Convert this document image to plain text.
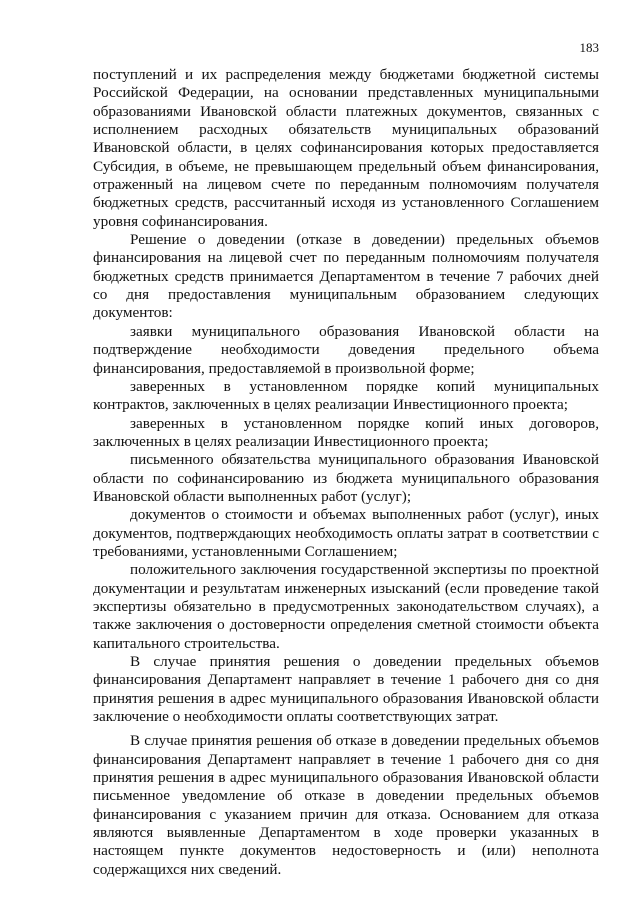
183

поступлений и их распределения между бюджетами бюджетной системы Российской Федерации, на основании представленных муниципальными образованиями Ивановской области платежных документов, связанных с исполнением расходных обязательств муниципальных образований Ивановской области, в целях софинансирования которых предоставляется Субсидия, в объеме, не превышающем предельный объем финансирования, отраженный на лицевом счете по переданным полномочиям получателя бюджетных средств, рассчитанный исходя из установленного Соглашением уровня софинансирования.

Решение о доведении (отказе в доведении) предельных объемов финансирования на лицевой счет по переданным полномочиям получателя бюджетных средств принимается Департаментом в течение 7 рабочих дней со дня предоставления муниципальным образованием следующих документов:

заявки муниципального образования Ивановской области на подтверждение необходимости доведения предельного объема финансирования, предоставляемой в произвольной форме;

заверенных в установленном порядке копий муниципальных контрактов, заключенных в целях реализации Инвестиционного проекта;

заверенных в установленном порядке копий иных договоров, заключенных в целях реализации Инвестиционного проекта;

письменного обязательства муниципального образования Ивановской области по софинансированию из бюджета муниципального образования Ивановской области выполненных работ (услуг);

документов о стоимости и объемах выполненных работ (услуг), иных документов, подтверждающих необходимость оплаты затрат в соответствии с требованиями, установленными Соглашением;

положительного заключения государственной экспертизы по проектной документации и результатам инженерных изысканий (если проведение такой экспертизы обязательно в предусмотренных законодательством случаях), а также заключения о достоверности определения сметной стоимости объекта капитального строительства.

В случае принятия решения о доведении предельных объемов финансирования Департамент направляет в течение 1 рабочего дня со дня принятия решения в адрес муниципального образования Ивановской области заключение о необходимости оплаты соответствующих затрат.

В случае принятия решения об отказе в доведении предельных объемов финансирования Департамент направляет в течение 1 рабочего дня со дня принятия решения в адрес муниципального образования Ивановской области письменное уведомление об отказе в доведении предельных объемов финансирования с указанием причин для отказа. Основанием для отказа являются выявленные Департаментом в ходе проверки указанных в настоящем пункте документов недостоверность и (или) неполнота содержащихся них сведений.
